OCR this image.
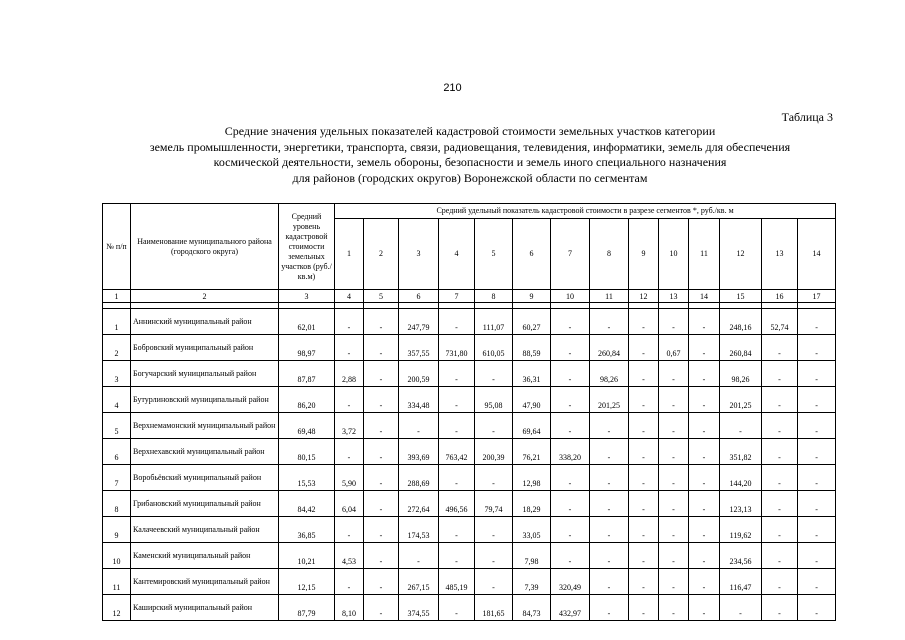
210
Таблица 3
Средние значения удельных показателей кадастровой стоимости земельных участков категории
земель промышленности, энергетики, транспорта, связи, радиовещания, телевидения, информатики, земель для обеспечения
космической деятельности, земель обороны, безопасности и земель иного специального назначения
для районов (городских округов) Воронежской области по сегментам
№ п/п	Наименование муниципального района (городского округа)	Средний уровень кадастровой стоимости земельных участков (руб./кв.м)	Средний удельный показатель кадастровой стоимости в разрезе сегментов *, руб./кв. м													
			1	2	3	4	5	6	7	8	9	10	11	12	13	14
1	2	3	4	5	6	7	8	9	10	11	12	13	14	15	16	17

1	Аннинский муниципальный район	62,01	-	-	247,79	-	111,07	60,27	-	-	-	-	-	248,16	52,74	-
2	Бобровский муниципальный район	98,97	-	-	357,55	731,80	610,05	88,59	-	260,84	-	0,67	-	260,84	-	-
3	Богучарский муниципальный район	87,87	2,88	-	200,59	-	-	36,31	-	98,26	-	-	-	98,26	-	-
4	Бутурлиновский муниципальный район	86,20	-	-	334,48	-	95,08	47,90	-	201,25	-	-	-	201,25	-	-
5	Верхнемамонский муниципальный район	69,48	3,72	-	-	-	-	69,64	-	-	-	-	-	-	-	-
6	Верхнехавский муниципальный район	80,15	-	-	393,69	763,42	200,39	76,21	338,20	-	-	-	-	351,82	-	-
7	Воробьёвский муниципальный район	15,53	5,90	-	288,69	-	-	12,98	-	-	-	-	-	144,20	-	-
8	Грибановский муниципальный район	84,42	6,04	-	272,64	496,56	79,74	18,29	-	-	-	-	-	123,13	-	-
9	Калачеевский муниципальный район	36,85	-	-	174,53	-	-	33,05	-	-	-	-	-	119,62	-	-
10	Каменский муниципальный район	10,21	4,53	-	-	-	-	7,98	-	-	-	-	-	234,56	-	-
11	Кантемировский муниципальный район	12,15	-	-	267,15	485,19	-	7,39	320,49	-	-	-	-	116,47	-	-
12	Каширский муниципальный район	87,79	8,10	-	374,55	-	181,65	84,73	432,97	-	-	-	-	-	-	-
